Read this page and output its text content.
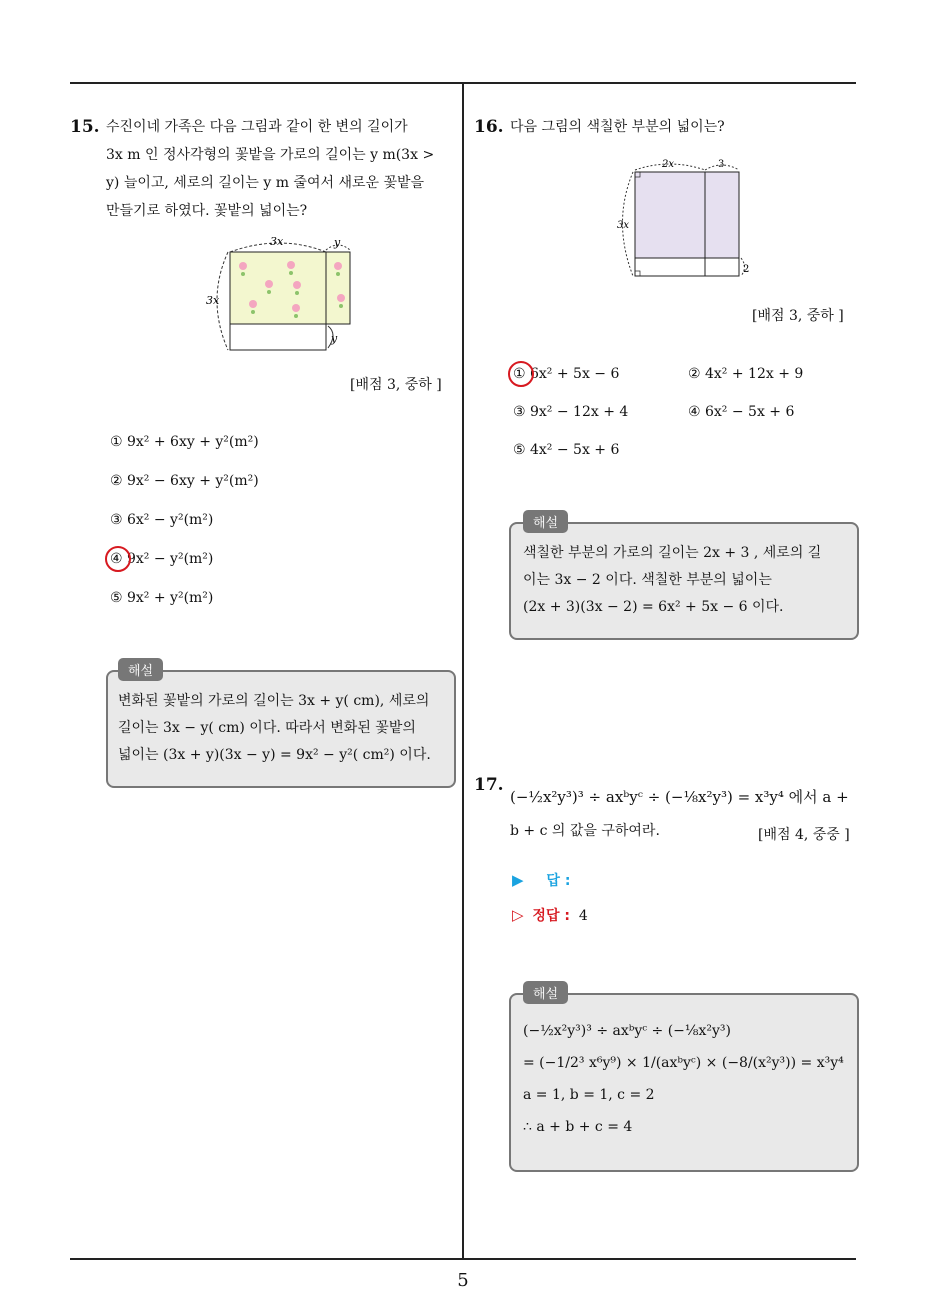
15. 수진이네 가족은 다음 그림과 같이 한 변의 길이가
3x m 인 정사각형의 꽃밭을 가로의 길이는 y m(3x >
y) 늘이고, 세로의 길이는 y m 줄여서 새로운 꽃밭을
만들기로 하였다. 꽃밭의 넓이는?
3x	y
3x
y
[배점 3, 중하 ]
① 9x² + 6xy + y²(m²)
② 9x² − 6xy + y²(m²)
③ 6x² − y²(m²)
④ 9x² − y²(m²)
⑤ 9x² + y²(m²)
해설
변화된 꽃밭의 가로의 길이는 3x + y( cm), 세로의
길이는 3x − y( cm) 이다. 따라서 변화된 꽃밭의
넓이는 (3x + y)(3x − y) = 9x² − y²( cm²) 이다.
16. 다음 그림의 색칠한 부분의 넓이는?
2x	3
3x
2
[배점 3, 중하 ]
① 6x² + 5x − 6	② 4x² + 12x + 9
③ 9x² − 12x + 4	④ 6x² − 5x + 6
⑤ 4x² − 5x + 6
해설
색칠한 부분의 가로의 길이는 2x + 3 , 세로의 길
이는 3x − 2 이다. 색칠한 부분의 넓이는
(2x + 3)(3x − 2) = 6x² + 5x − 6 이다.
17.
(−½x²y³)³ ÷ axᵇyᶜ ÷ (−⅛x²y³) = x³y⁴ 에서 a +
b + c 의 값을 구하여라.	[배점 4, 중중 ]
▶ 답 :
▷ 정답 : 4
해설
(−½x²y³)³ ÷ axᵇyᶜ ÷ (−⅛x²y³)
= (−1/2³ x⁶y⁹) × 1/(axᵇyᶜ) × (−8/(x²y³)) = x³y⁴
a = 1, b = 1, c = 2
∴ a + b + c = 4
5
